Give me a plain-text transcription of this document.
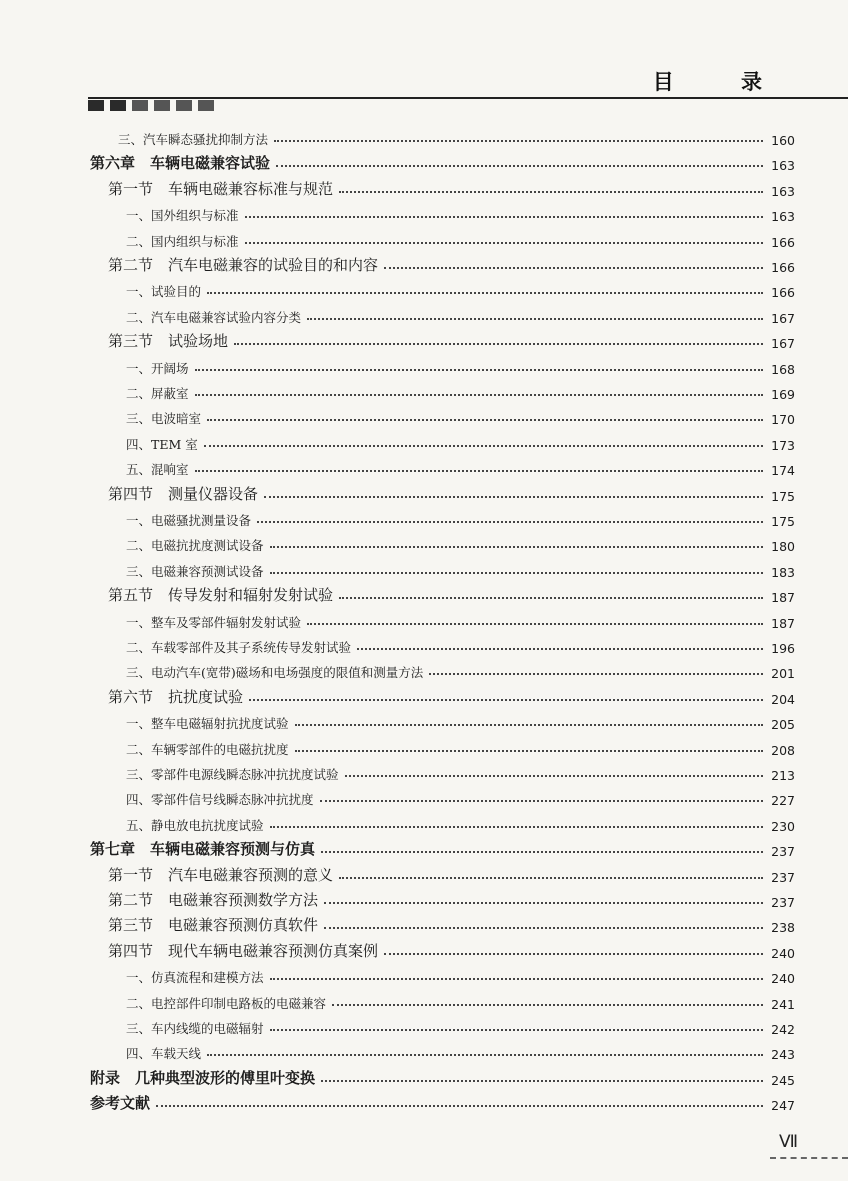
目 录
三、汽车瞬态骚扰抑制方法	160
第六章　车辆电磁兼容试验	163
第一节　车辆电磁兼容标准与规范	163
一、国外组织与标准	163
二、国内组织与标准	166
第二节　汽车电磁兼容的试验目的和内容	166
一、试验目的	166
二、汽车电磁兼容试验内容分类	167
第三节　试验场地	167
一、开阔场	168
二、屏蔽室	169
三、电波暗室	170
四、TEM 室	173
五、混响室	174
第四节　测量仪器设备	175
一、电磁骚扰测量设备	175
二、电磁抗扰度测试设备	180
三、电磁兼容预测试设备	183
第五节　传导发射和辐射发射试验	187
一、整车及零部件辐射发射试验	187
二、车载零部件及其子系统传导发射试验	196
三、电动汽车(宽带)磁场和电场强度的限值和测量方法	201
第六节　抗扰度试验	204
一、整车电磁辐射抗扰度试验	205
二、车辆零部件的电磁抗扰度	208
三、零部件电源线瞬态脉冲抗扰度试验	213
四、零部件信号线瞬态脉冲抗扰度	227
五、静电放电抗扰度试验	230
第七章　车辆电磁兼容预测与仿真	237
第一节　汽车电磁兼容预测的意义	237
第二节　电磁兼容预测数学方法	237
第三节　电磁兼容预测仿真软件	238
第四节　现代车辆电磁兼容预测仿真案例	240
一、仿真流程和建模方法	240
二、电控部件印制电路板的电磁兼容	241
三、车内线缆的电磁辐射	242
四、车载天线	243
附录　几种典型波形的傅里叶变换	245
参考文献	247
Ⅶ
